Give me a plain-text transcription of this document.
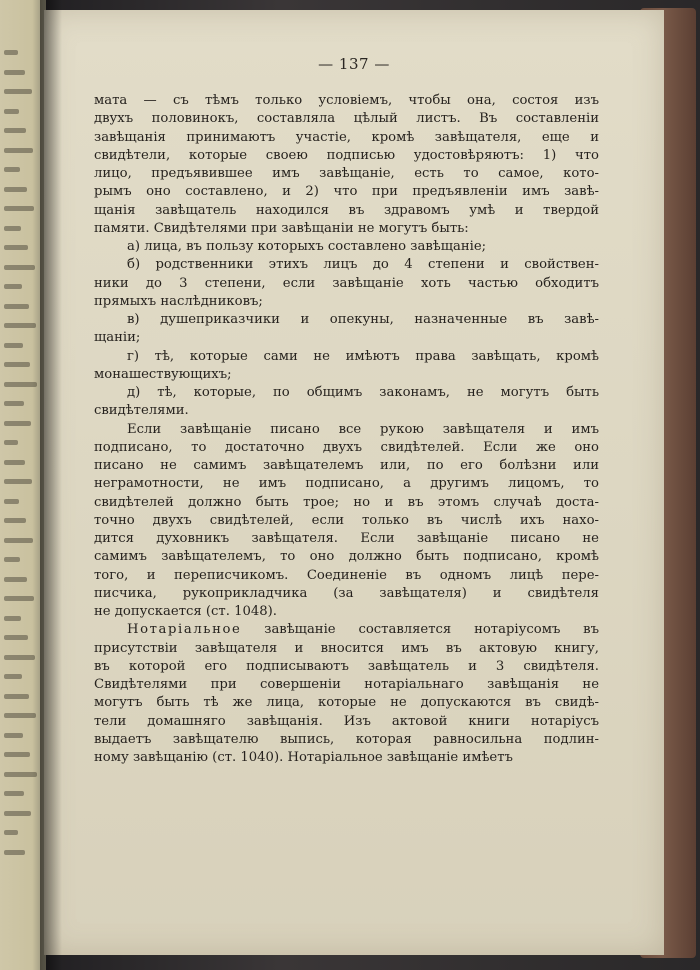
— 137 —
мата — съ тѣмъ только условіемъ, чтобы она, состоя изъ
двухъ половинокъ, составляла цѣлый листъ. Въ составленіи
завѣщанія принимаютъ участіе, кромѣ завѣщателя, еще и
свидѣтели, которые своею подписью удостовѣряютъ: 1) что
лицо, предъявившее имъ завѣщаніе, есть то самое, кото-
рымъ оно составлено, и 2) что при предъявленіи имъ завѣ-
щанія завѣщатель находился въ здравомъ умѣ и твердой
памяти. Свидѣтелями при завѣщаніи не могутъ быть:
а) лица, въ пользу которыхъ составлено завѣщаніе;
б) родственники этихъ лицъ до 4 степени и свойствен-
ники до 3 степени, если завѣщаніе хоть частью обходитъ
прямыхъ наслѣдниковъ;
в) душеприказчики и опекуны, назначенные въ завѣ-
щаніи;
г) тѣ, которые сами не имѣютъ права завѣщать, кромѣ
монашествующихъ;
д) тѣ, которые, по общимъ законамъ, не могутъ быть
свидѣтелями.
Если завѣщаніе писано все рукою завѣщателя и имъ
подписано, то достаточно двухъ свидѣтелей. Если же оно
писано не самимъ завѣщателемъ или, по его болѣзни или
неграмотности, не имъ подписано, а другимъ лицомъ, то
свидѣтелей должно быть трое; но и въ этомъ случаѣ доста-
точно двухъ свидѣтелей, если только въ числѣ ихъ нахо-
дится духовникъ завѣщателя. Если завѣщаніе писано не
самимъ завѣщателемъ, то оно должно быть подписано, кромѣ
того, и переписчикомъ. Соединеніе въ одномъ лицѣ пере-
писчика, рукоприкладчика (за завѣщателя) и свидѣтеля
не допускается (ст. 1048).
Нотаріальное завѣщаніе составляется нотаріусомъ въ
присутствіи завѣщателя и вносится имъ въ актовую книгу,
въ которой его подписываютъ завѣщатель и 3 свидѣтеля.
Свидѣтелями при совершеніи нотаріальнаго завѣщанія не
могутъ быть тѣ же лица, которые не допускаются въ свидѣ-
тели домашняго завѣщанія. Изъ актовой книги нотаріусъ
выдаетъ завѣщателю выпись, которая равносильна подлин-
ному завѣщанію (ст. 1040). Нотаріальное завѣщаніе имѣетъ
